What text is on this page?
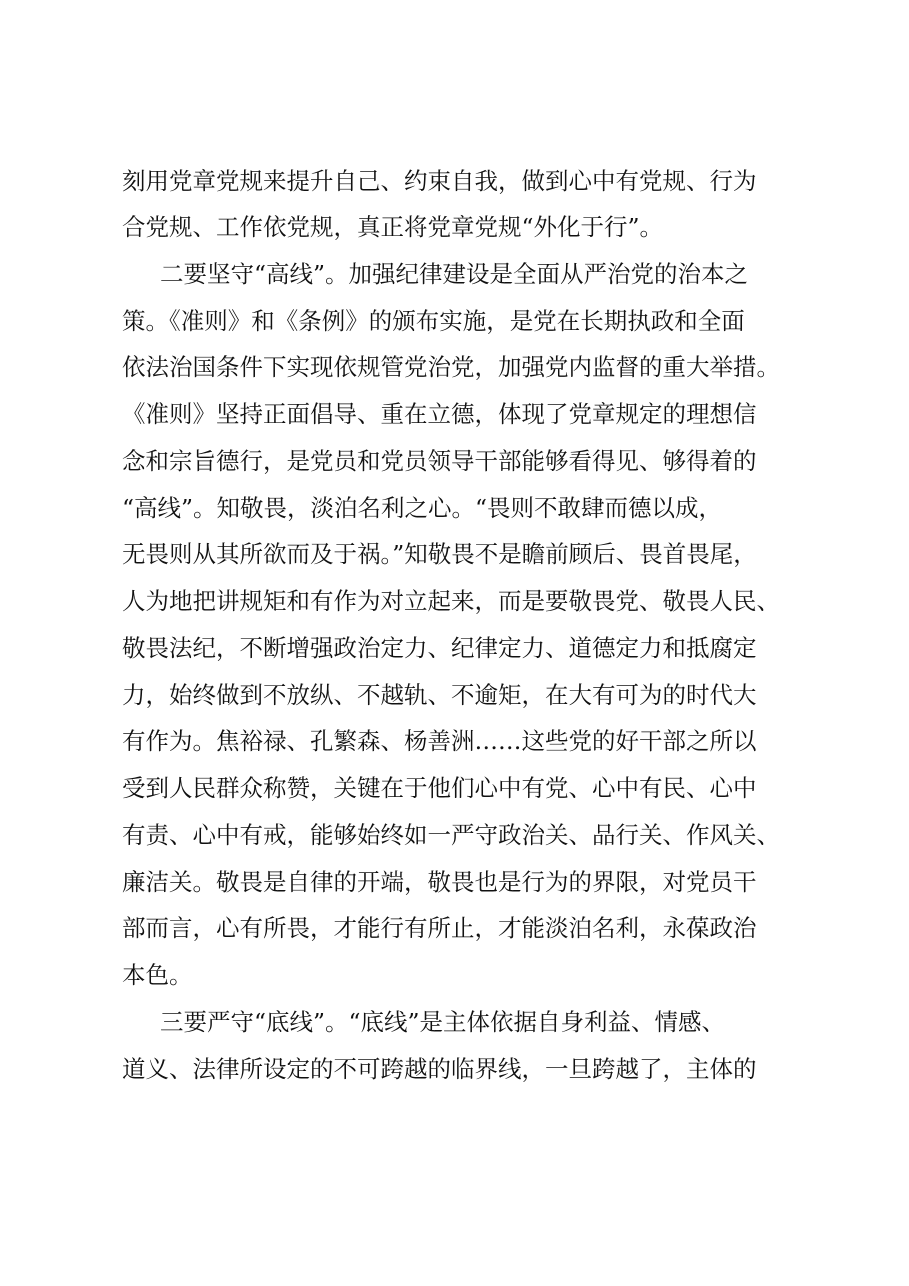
刻用党章党规来提升自己、约束自我，做到心中有党规、行为
合党规、工作依党规，真正将党章党规“外化于行”。
二要坚守“高线”。加强纪律建设是全面从严治党的治本之
策。《准则》和《条例》的颁布实施，是党在长期执政和全面
依法治国条件下实现依规管党治党，加强党内监督的重大举措。
《准则》坚持正面倡导、重在立德，体现了党章规定的理想信
念和宗旨德行，是党员和党员领导干部能够看得见、够得着的
“高线”。知敬畏，淡泊名利之心。“畏则不敢肆而德以成，
无畏则从其所欲而及于祸。”知敬畏不是瞻前顾后、畏首畏尾，
人为地把讲规矩和有作为对立起来，而是要敬畏党、敬畏人民、
敬畏法纪，不断增强政治定力、纪律定力、道德定力和抵腐定
力，始终做到不放纵、不越轨、不逾矩，在大有可为的时代大
有作为。焦裕禄、孔繁森、杨善洲……这些党的好干部之所以
受到人民群众称赞，关键在于他们心中有党、心中有民、心中
有责、心中有戒，能够始终如一严守政治关、品行关、作风关、
廉洁关。敬畏是自律的开端，敬畏也是行为的界限，对党员干
部而言，心有所畏，才能行有所止，才能淡泊名利，永葆政治
本色。
三要严守“底线”。“底线”是主体依据自身利益、情感、
道义、法律所设定的不可跨越的临界线，一旦跨越了，主体的
